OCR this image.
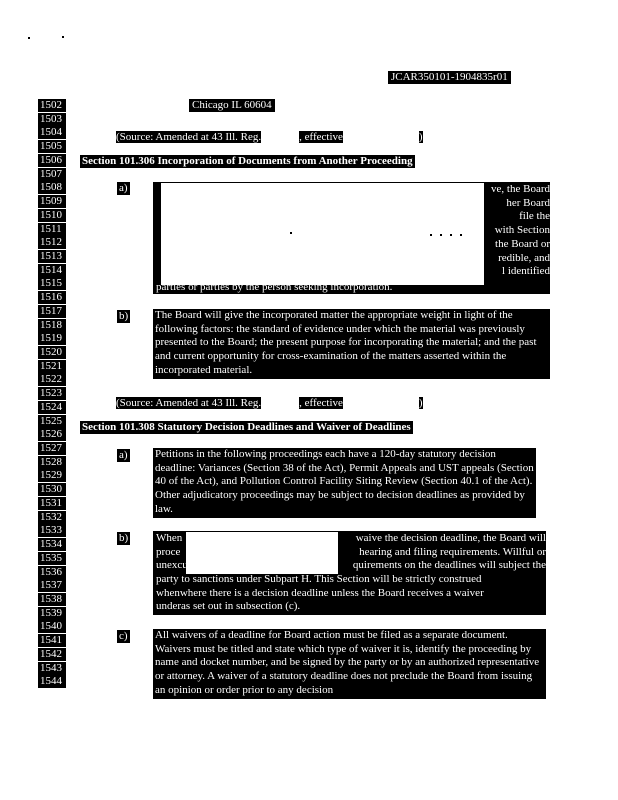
JCAR350101-1904835r01
1502
1503
1504
1505
1506
1507
1508
1509
1510
1511
1512
1513
1514
1515
1516
1517
1518
1519
1520
1521
1522
1523
1524
1525
1526
1527
1528
1529
1530
1531
1532
1533
1534
1535
1536
1537
1538
1539
1540
1541
1542
1543
1544
Chicago IL 60604
(Source: Amended at 43 Ill. Reg.	, effective	)
Section 101.306 Incorporation of Documents from Another Proceeding
a)	ve, the Board
her Board
file the
with Section
the Board or
redible, and
l identified
parties or parties by the person seeking incorporation.
b) The Board will give the incorporated matter the appropriate weight in light of the following factors: the standard of evidence under which the material was previously presented to the Board; the present purpose for incorporating the material; and the past and current opportunity for cross-examination of the matters asserted within the incorporated material.
(Source: Amended at 43 Ill. Reg.	, effective	)
Section 101.308 Statutory Decision Deadlines and Waiver of Deadlines
a) Petitions in the following proceedings each have a 120-day statutory decision deadline: Variances (Section 38 of the Act), Permit Appeals and UST appeals (Section 40 of the Act), and Pollution Control Facility Siting Review (Section 40.1 of the Act). Other adjudicatory proceedings may be subject to decision deadlines as provided by law.
b)	When
proce
unexcu
waive the decision deadline, the Board will
hearing and filing requirements. Willful or
quirements on the deadlines will subject the
party to sanctions under Subpart H. This Section will be strictly construed
whenwhere there is a decision deadline unless the Board receives a waiver
underas set out in subsection (c).
c) All waivers of a deadline for Board action must be filed as a separate document. Waivers must be titled and state which type of waiver it is, identify the proceeding by name and docket number, and be signed by the party or by an authorized representative or attorney. A waiver of a statutory deadline does not preclude the Board from issuing an opinion or order prior to any decision
